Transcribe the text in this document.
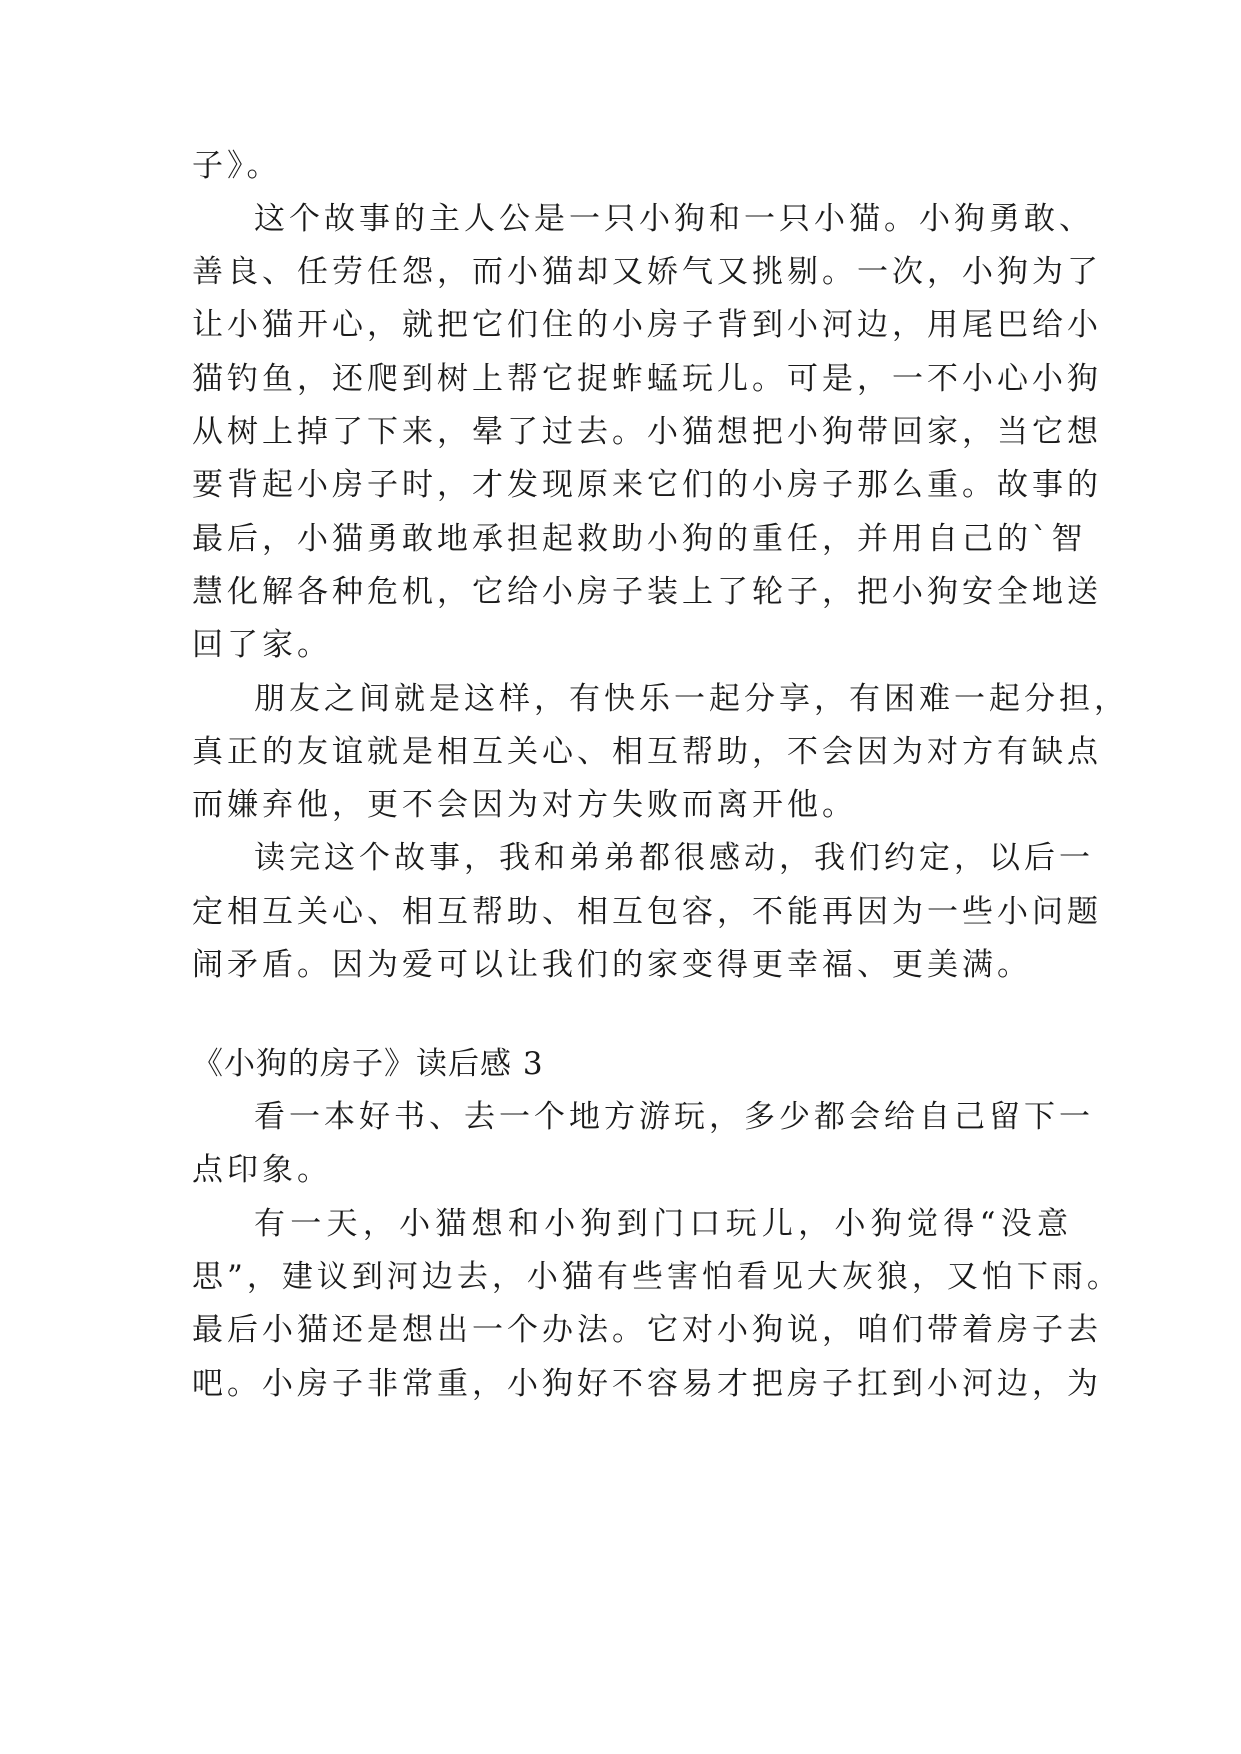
子》。
这个故事的主人公是一只小狗和一只小猫。小狗勇敢、
善良、任劳任怨，而小猫却又娇气又挑剔。一次，小狗为了
让小猫开心，就把它们住的小房子背到小河边，用尾巴给小
猫钓鱼，还爬到树上帮它捉蚱蜢玩儿。可是，一不小心小狗
从树上掉了下来，晕了过去。小猫想把小狗带回家，当它想
要背起小房子时，才发现原来它们的小房子那么重。故事的
最后，小猫勇敢地承担起救助小狗的重任，并用自己的`智
慧化解各种危机，它给小房子装上了轮子，把小狗安全地送
回了家。
朋友之间就是这样，有快乐一起分享，有困难一起分担，
真正的友谊就是相互关心、相互帮助，不会因为对方有缺点
而嫌弃他，更不会因为对方失败而离开他。
读完这个故事，我和弟弟都很感动，我们约定，以后一
定相互关心、相互帮助、相互包容，不能再因为一些小问题
闹矛盾。因为爱可以让我们的家变得更幸福、更美满。
《小狗的房子》读后感 3
看一本好书、去一个地方游玩，多少都会给自己留下一
点印象。
有一天，小猫想和小狗到门口玩儿，小狗觉得“没意
思”，建议到河边去，小猫有些害怕看见大灰狼，又怕下雨。
最后小猫还是想出一个办法。它对小狗说，咱们带着房子去
吧。小房子非常重，小狗好不容易才把房子扛到小河边，为
